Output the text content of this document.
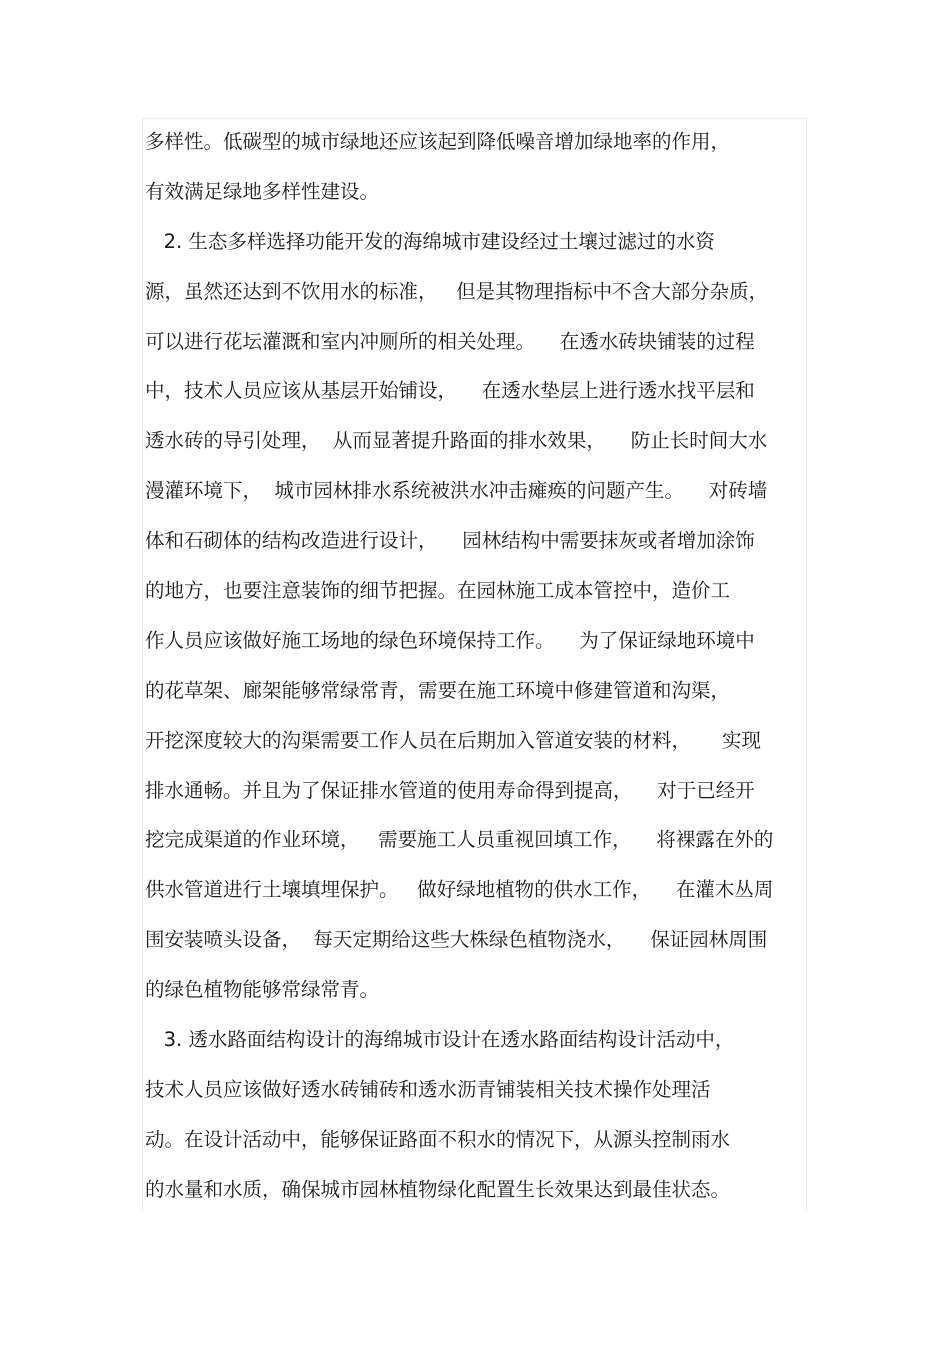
多样性。低碳型的城市绿地还应该起到降低噪音增加绿地率的作用，
有效满足绿地多样性建设。
2. 生态多样选择功能开发的海绵城市建设经过土壤过滤过的水资
源，虽然还达到不饮用水的标准，   但是其物理指标中不含大部分杂质，
可以进行花坛灌溉和室内冲厕所的相关处理。    在透水砖块铺装的过程
中，技术人员应该从基层开始铺设，    在透水垫层上进行透水找平层和
透水砖的导引处理，  从而显著提升路面的排水效果，    防止长时间大水
漫灌环境下，  城市园林排水系统被洪水冲击瘫痪的问题产生。    对砖墙
体和石砌体的结构改造进行设计，    园林结构中需要抹灰或者增加涂饰
的地方，也要注意装饰的细节把握。在园林施工成本管控中，造价工
作人员应该做好施工场地的绿色环境保持工作。    为了保证绿地环境中
的花草架、廊架能够常绿常青，需要在施工环境中修建管道和沟渠，
开挖深度较大的沟渠需要工作人员在后期加入管道安装的材料，     实现
排水通畅。并且为了保证排水管道的使用寿命得到提高，    对于已经开
挖完成渠道的作业环境，   需要施工人员重视回填工作，    将裸露在外的
供水管道进行土壤填埋保护。   做好绿地植物的供水工作，    在灌木丛周
围安装喷头设备，  每天定期给这些大株绿色植物浇水，    保证园林周围
的绿色植物能够常绿常青。
3. 透水路面结构设计的海绵城市设计在透水路面结构设计活动中，
技术人员应该做好透水砖铺砖和透水沥青铺装相关技术操作处理活
动。在设计活动中，能够保证路面不积水的情况下，从源头控制雨水
的水量和水质，确保城市园林植物绿化配置生长效果达到最佳状态。
